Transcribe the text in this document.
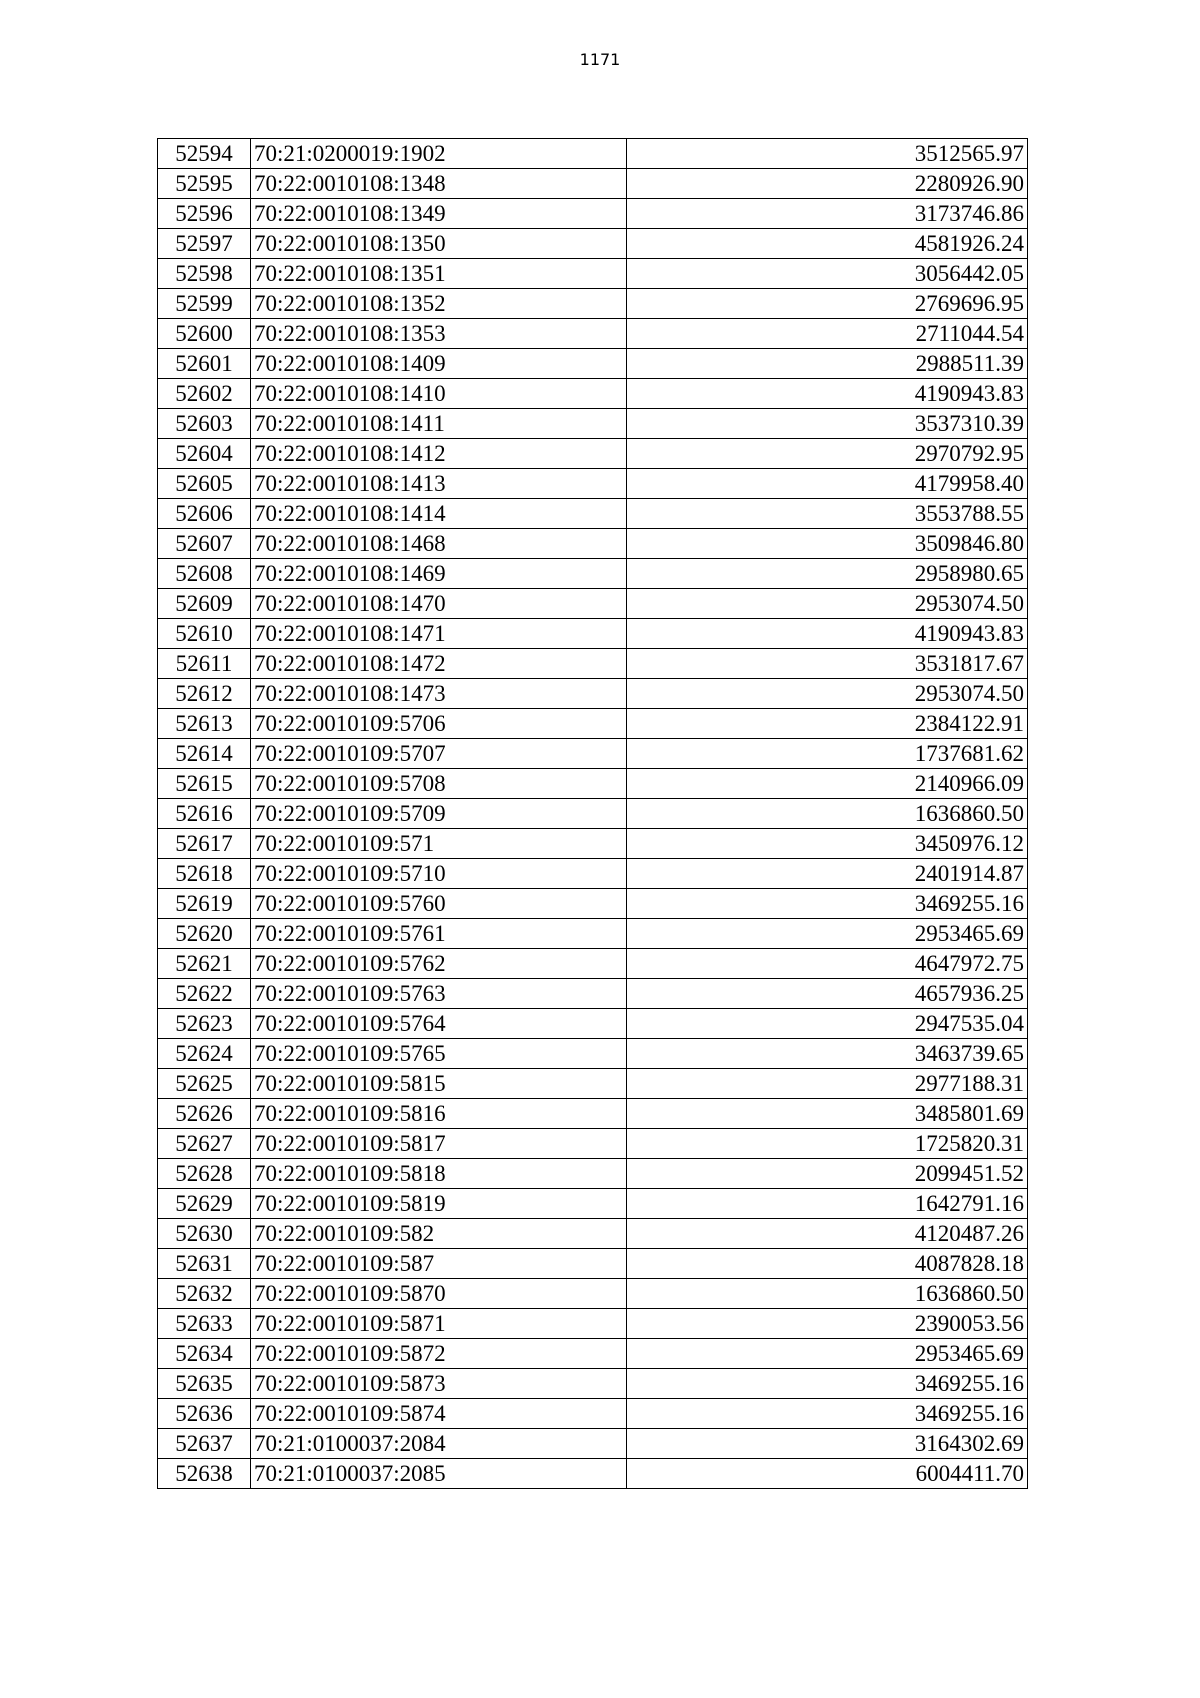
1171
52594	70:21:0200019:1902	3512565.97
52595	70:22:0010108:1348	2280926.90
52596	70:22:0010108:1349	3173746.86
52597	70:22:0010108:1350	4581926.24
52598	70:22:0010108:1351	3056442.05
52599	70:22:0010108:1352	2769696.95
52600	70:22:0010108:1353	2711044.54
52601	70:22:0010108:1409	2988511.39
52602	70:22:0010108:1410	4190943.83
52603	70:22:0010108:1411	3537310.39
52604	70:22:0010108:1412	2970792.95
52605	70:22:0010108:1413	4179958.40
52606	70:22:0010108:1414	3553788.55
52607	70:22:0010108:1468	3509846.80
52608	70:22:0010108:1469	2958980.65
52609	70:22:0010108:1470	2953074.50
52610	70:22:0010108:1471	4190943.83
52611	70:22:0010108:1472	3531817.67
52612	70:22:0010108:1473	2953074.50
52613	70:22:0010109:5706	2384122.91
52614	70:22:0010109:5707	1737681.62
52615	70:22:0010109:5708	2140966.09
52616	70:22:0010109:5709	1636860.50
52617	70:22:0010109:571	3450976.12
52618	70:22:0010109:5710	2401914.87
52619	70:22:0010109:5760	3469255.16
52620	70:22:0010109:5761	2953465.69
52621	70:22:0010109:5762	4647972.75
52622	70:22:0010109:5763	4657936.25
52623	70:22:0010109:5764	2947535.04
52624	70:22:0010109:5765	3463739.65
52625	70:22:0010109:5815	2977188.31
52626	70:22:0010109:5816	3485801.69
52627	70:22:0010109:5817	1725820.31
52628	70:22:0010109:5818	2099451.52
52629	70:22:0010109:5819	1642791.16
52630	70:22:0010109:582	4120487.26
52631	70:22:0010109:587	4087828.18
52632	70:22:0010109:5870	1636860.50
52633	70:22:0010109:5871	2390053.56
52634	70:22:0010109:5872	2953465.69
52635	70:22:0010109:5873	3469255.16
52636	70:22:0010109:5874	3469255.16
52637	70:21:0100037:2084	3164302.69
52638	70:21:0100037:2085	6004411.70
